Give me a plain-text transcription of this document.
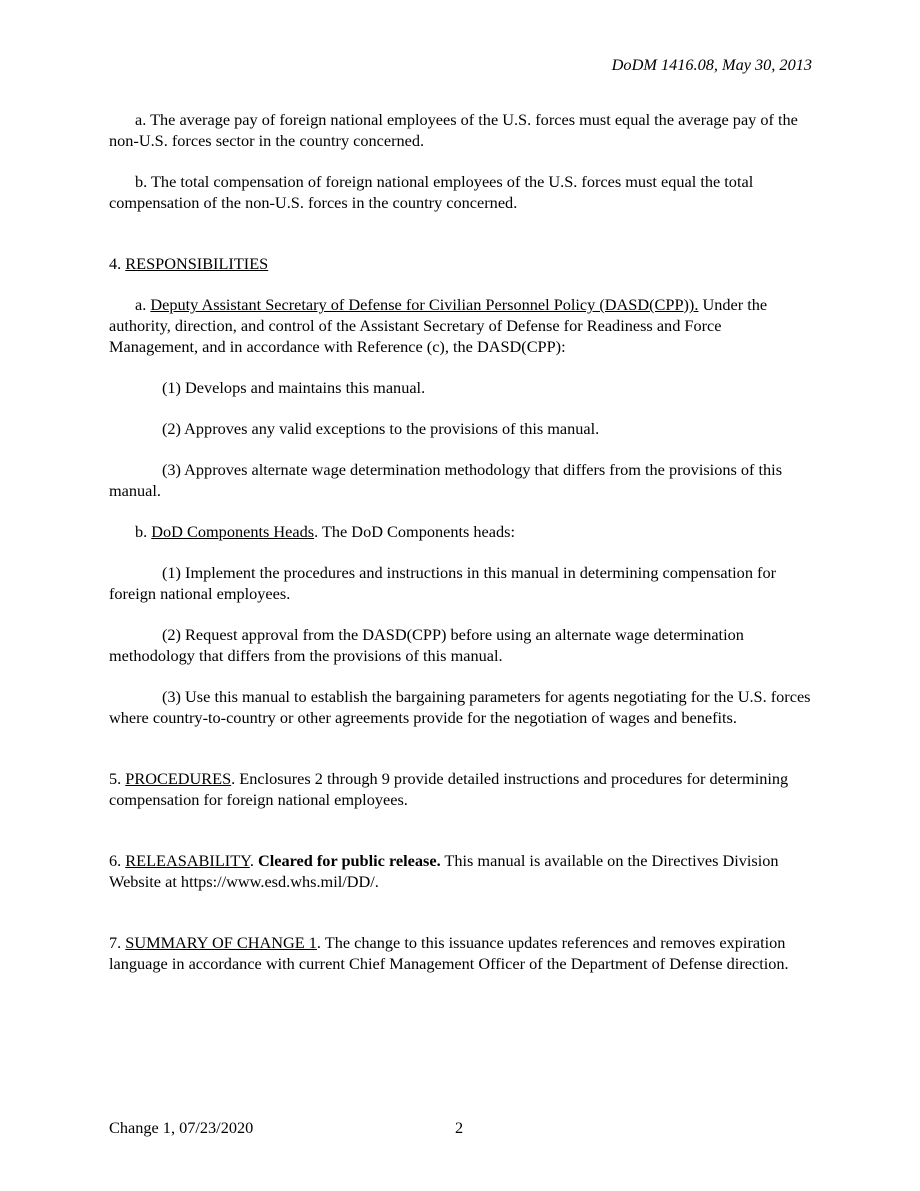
DoDM 1416.08, May 30, 2013

a. The average pay of foreign national employees of the U.S. forces must equal the average pay of the non-U.S. forces sector in the country concerned.

b. The total compensation of foreign national employees of the U.S. forces must equal the total compensation of the non-U.S. forces in the country concerned.

4. RESPONSIBILITIES

a. Deputy Assistant Secretary of Defense for Civilian Personnel Policy (DASD(CPP)). Under the authority, direction, and control of the Assistant Secretary of Defense for Readiness and Force Management, and in accordance with Reference (c), the DASD(CPP):

(1) Develops and maintains this manual.

(2) Approves any valid exceptions to the provisions of this manual.

(3) Approves alternate wage determination methodology that differs from the provisions of this manual.

b. DoD Components Heads. The DoD Components heads:

(1) Implement the procedures and instructions in this manual in determining compensation for foreign national employees.

(2) Request approval from the DASD(CPP) before using an alternate wage determination methodology that differs from the provisions of this manual.

(3) Use this manual to establish the bargaining parameters for agents negotiating for the U.S. forces where country-to-country or other agreements provide for the negotiation of wages and benefits.

5. PROCEDURES. Enclosures 2 through 9 provide detailed instructions and procedures for determining compensation for foreign national employees.

6. RELEASABILITY. Cleared for public release. This manual is available on the Directives Division Website at https://www.esd.whs.mil/DD/.

7. SUMMARY OF CHANGE 1. The change to this issuance updates references and removes expiration language in accordance with current Chief Management Officer of the Department of Defense direction.

Change 1, 07/23/2020	2
